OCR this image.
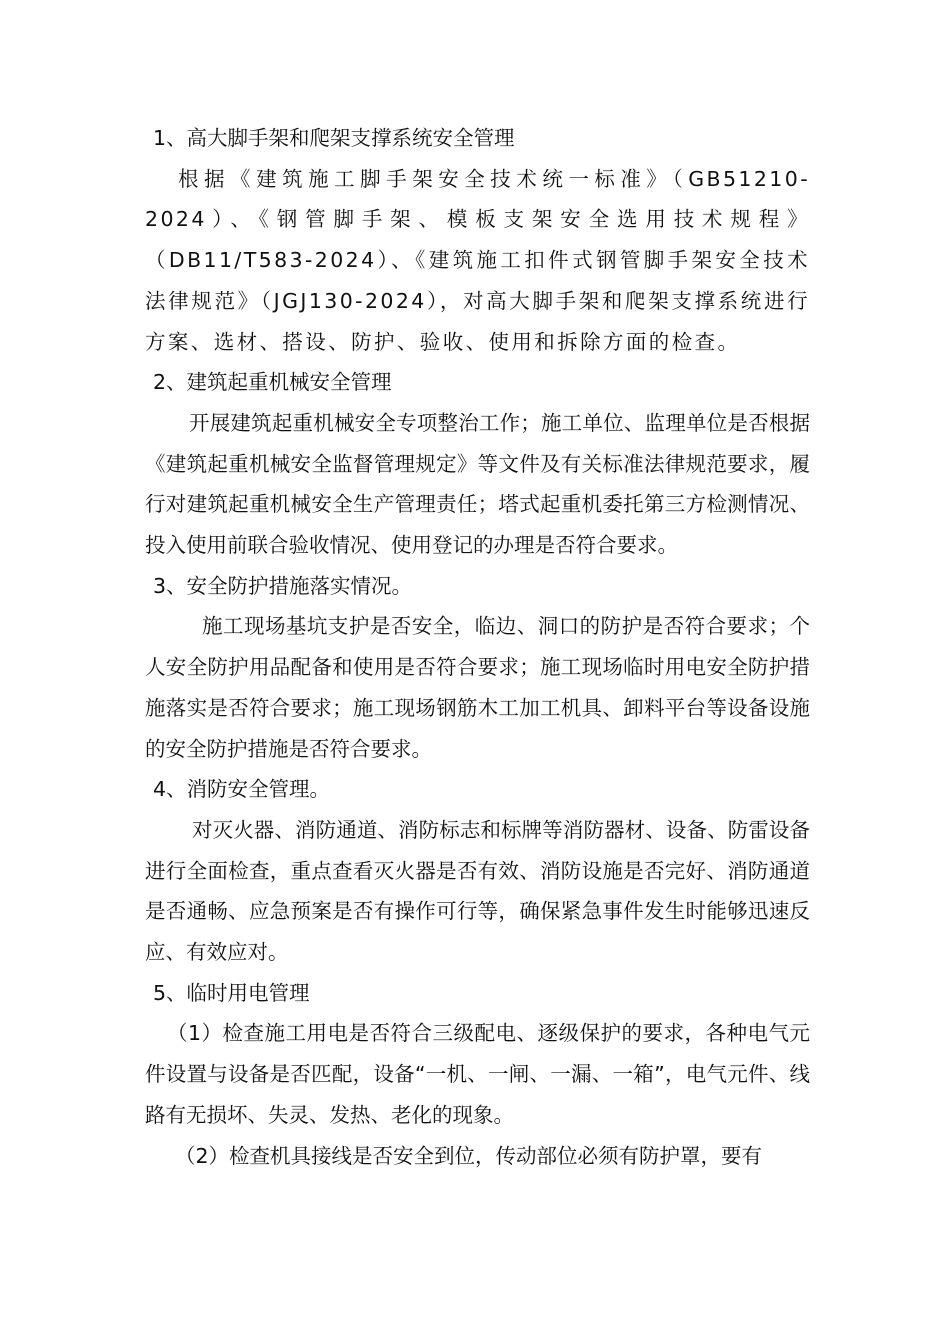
1、高大脚手架和爬架支撑系统安全管理

根据《建筑施工脚手架安全技术统一标准》（GB51210-2024）、《钢管脚手架、模板支架安全选用技术规程》（DB11/T583-2024）、《建筑施工扣件式钢管脚手架安全技术法律规范》（JGJ130-2024），对高大脚手架和爬架支撑系统进行方案、选材、搭设、防护、验收、使用和拆除方面的检查。

2、建筑起重机械安全管理

开展建筑起重机械安全专项整治工作；施工单位、监理单位是否根据《建筑起重机械安全监督管理规定》等文件及有关标准法律规范要求，履行对建筑起重机械安全生产管理责任；塔式起重机委托第三方检测情况、投入使用前联合验收情况、使用登记的办理是否符合要求。

3、安全防护措施落实情况。

施工现场基坑支护是否安全，临边、洞口的防护是否符合要求；个人安全防护用品配备和使用是否符合要求；施工现场临时用电安全防护措施落实是否符合要求；施工现场钢筋木工加工机具、卸料平台等设备设施的安全防护措施是否符合要求。

4、消防安全管理。

对灭火器、消防通道、消防标志和标牌等消防器材、设备、防雷设备进行全面检查，重点查看灭火器是否有效、消防设施是否完好、消防通道是否通畅、应急预案是否有操作可行等，确保紧急事件发生时能够迅速反应、有效应对。

5、临时用电管理

（1）检查施工用电是否符合三级配电、逐级保护的要求，各种电气元件设置与设备是否匹配，设备“一机、一闸、一漏、一箱”，电气元件、线路有无损坏、失灵、发热、老化的现象。

（2）检查机具接线是否安全到位，传动部位必须有防护罩，要有
